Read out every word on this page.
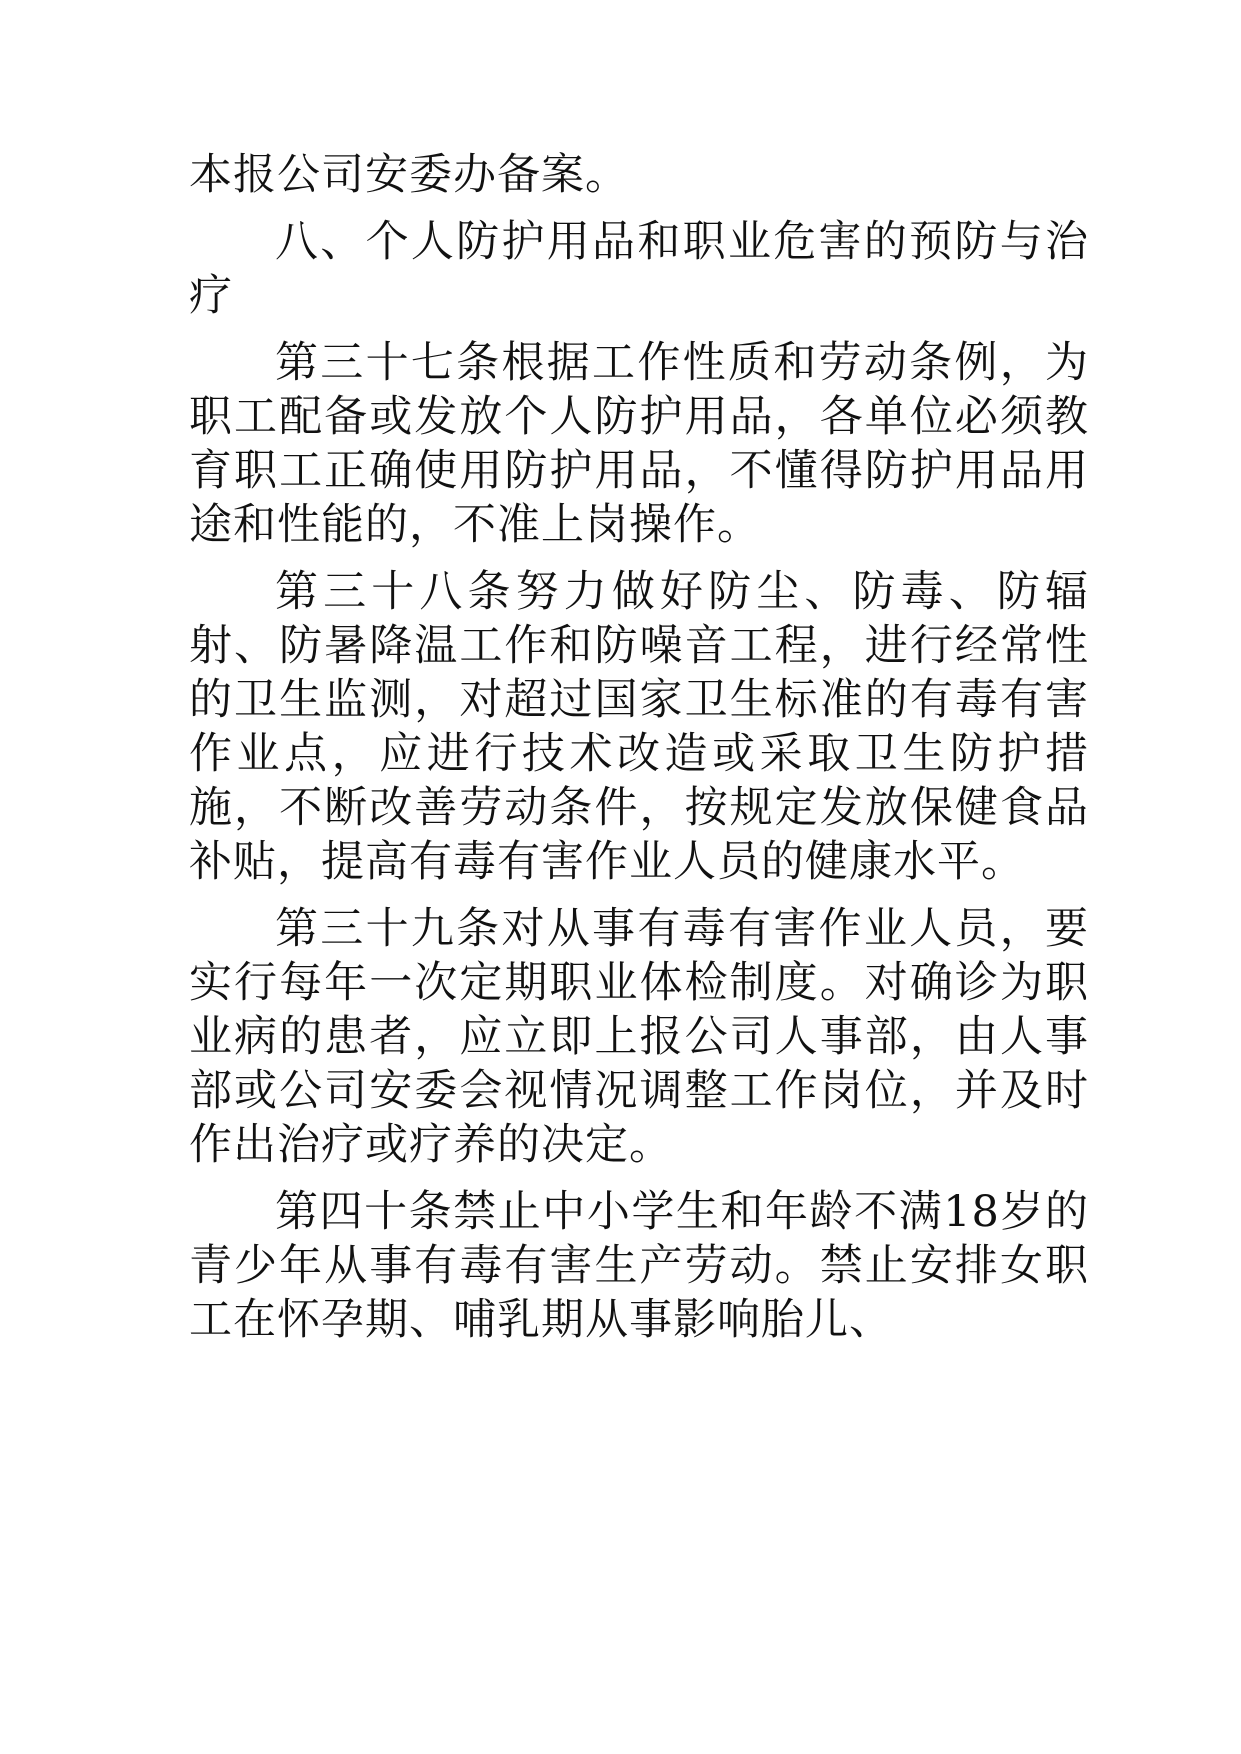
本报公司安委办备案。

八、个人防护用品和职业危害的预防与治疗

第三十七条根据工作性质和劳动条例，为职工配备或发放个人防护用品，各单位必须教育职工正确使用防护用品，不懂得防护用品用途和性能的，不准上岗操作。

第三十八条努力做好防尘、防毒、防辐射、防暑降温工作和防噪音工程，进行经常性的卫生监测，对超过国家卫生标准的有毒有害作业点，应进行技术改造或采取卫生防护措施，不断改善劳动条件，按规定发放保健食品补贴，提高有毒有害作业人员的健康水平。

第三十九条对从事有毒有害作业人员，要实行每年一次定期职业体检制度。对确诊为职业病的患者，应立即上报公司人事部，由人事部或公司安委会视情况调整工作岗位，并及时作出治疗或疗养的决定。

第四十条禁止中小学生和年龄不满18岁的青少年从事有毒有害生产劳动。禁止安排女职工在怀孕期、哺乳期从事影响胎儿、
